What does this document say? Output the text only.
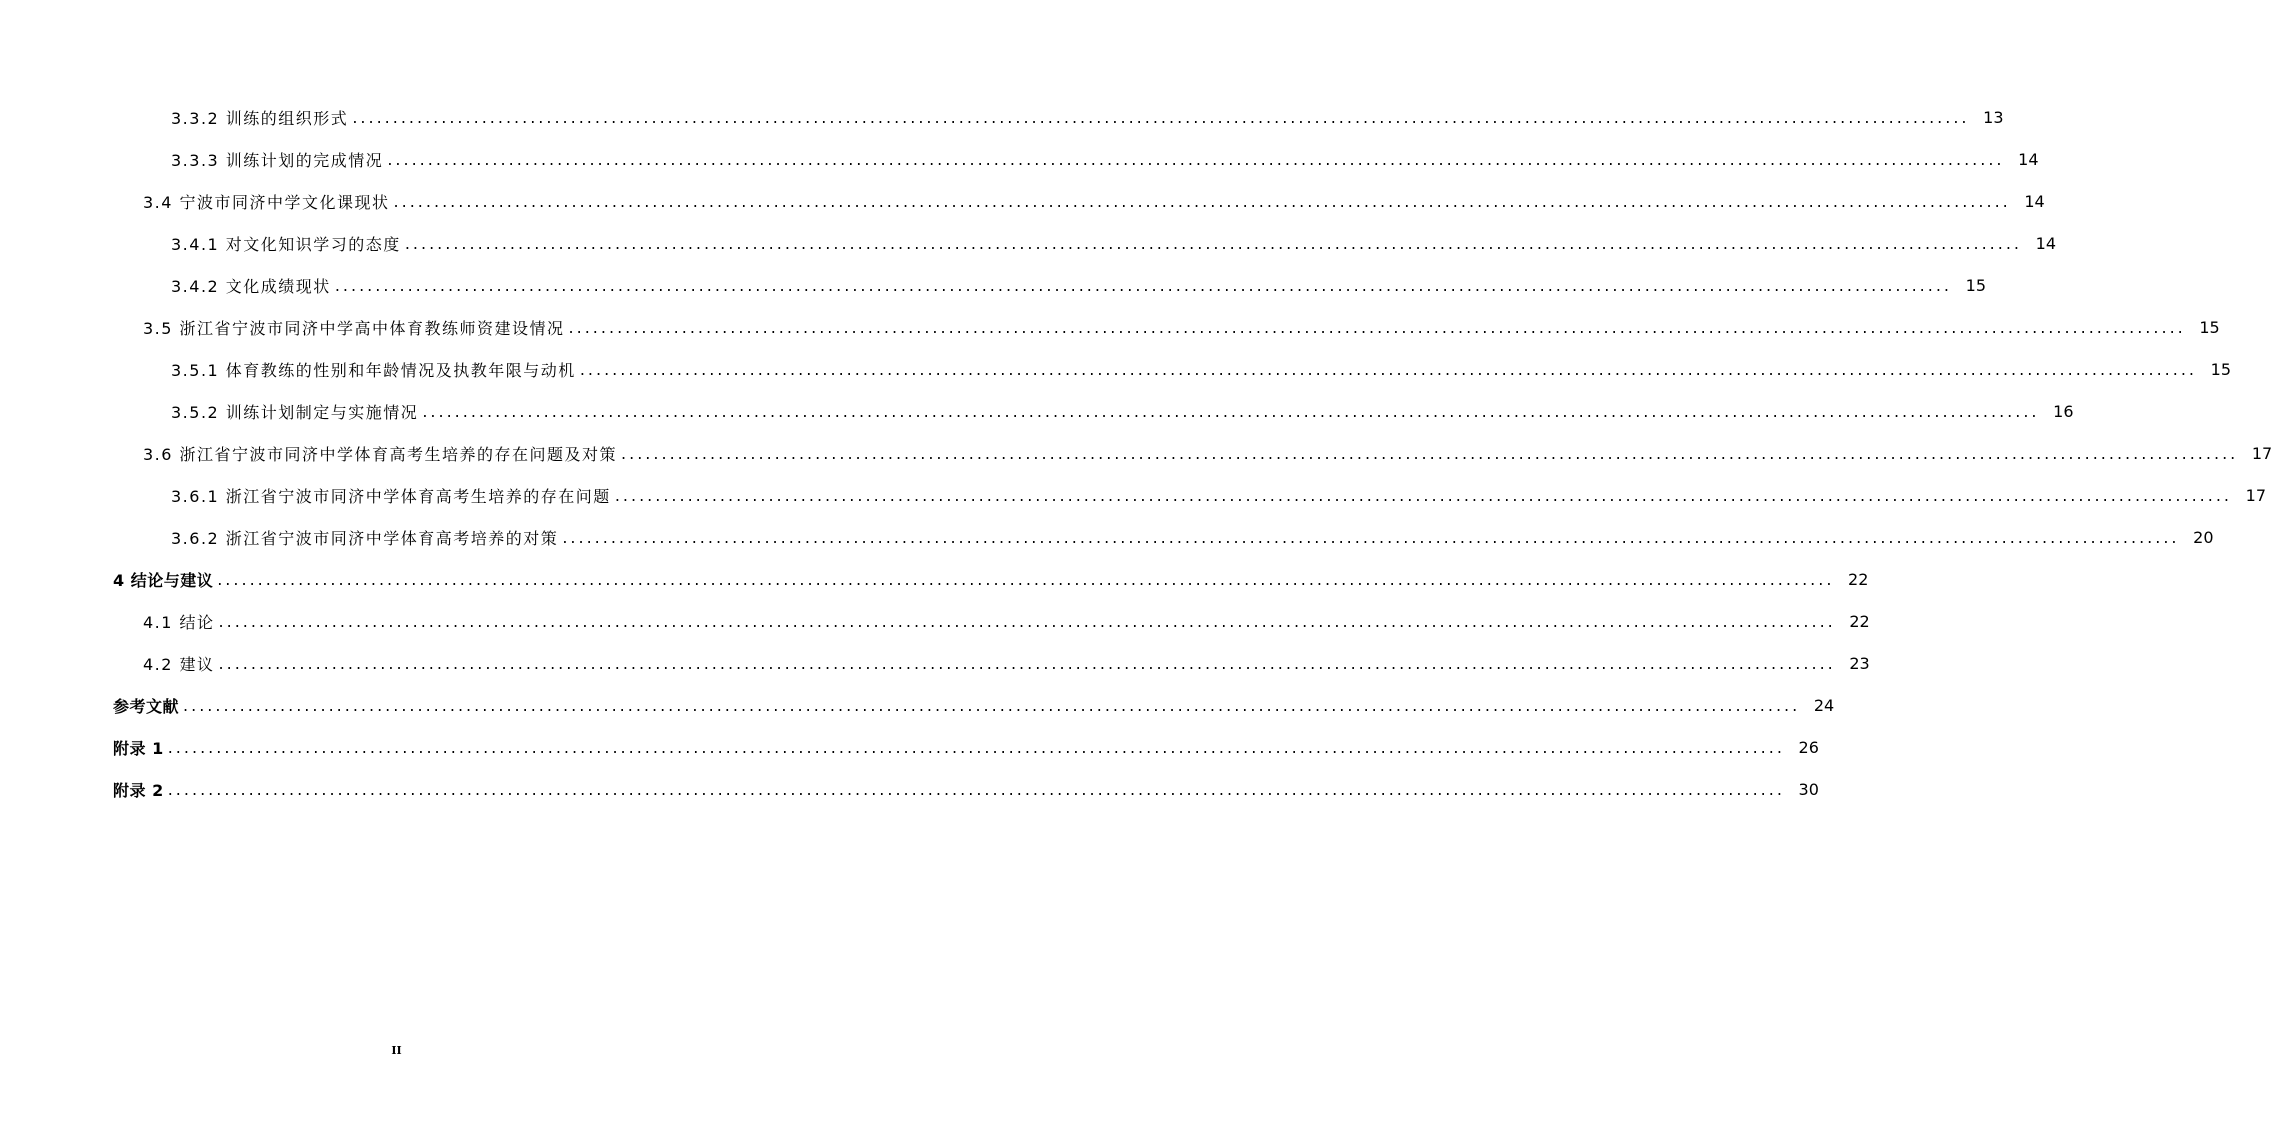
3.3.2 训练的组织形式 ........................................................................................................................................................................................................ 13
3.3.3 训练计划的完成情况 ........................................................................................................................................................................................................ 14
3.4 宁波市同济中学文化课现状 ........................................................................................................................................................................................................ 14
3.4.1 对文化知识学习的态度 ........................................................................................................................................................................................................ 14
3.4.2 文化成绩现状 ........................................................................................................................................................................................................ 15
3.5 浙江省宁波市同济中学高中体育教练师资建设情况 ........................................................................................................................................................................................................ 15
3.5.1 体育教练的性别和年龄情况及执教年限与动机 ........................................................................................................................................................................................................ 15
3.5.2 训练计划制定与实施情况 ........................................................................................................................................................................................................ 16
3.6 浙江省宁波市同济中学体育高考生培养的存在问题及对策 ........................................................................................................................................................................................................ 17
3.6.1 浙江省宁波市同济中学体育高考生培养的存在问题 ........................................................................................................................................................................................................ 17
3.6.2 浙江省宁波市同济中学体育高考培养的对策 ........................................................................................................................................................................................................ 20
4 结论与建议 ........................................................................................................................................................................................................ 22
4.1 结论 ........................................................................................................................................................................................................ 22
4.2 建议 ........................................................................................................................................................................................................ 23
参考文献 ........................................................................................................................................................................................................ 24
附录 1 ........................................................................................................................................................................................................ 26
附录 2 ........................................................................................................................................................................................................ 30
II
